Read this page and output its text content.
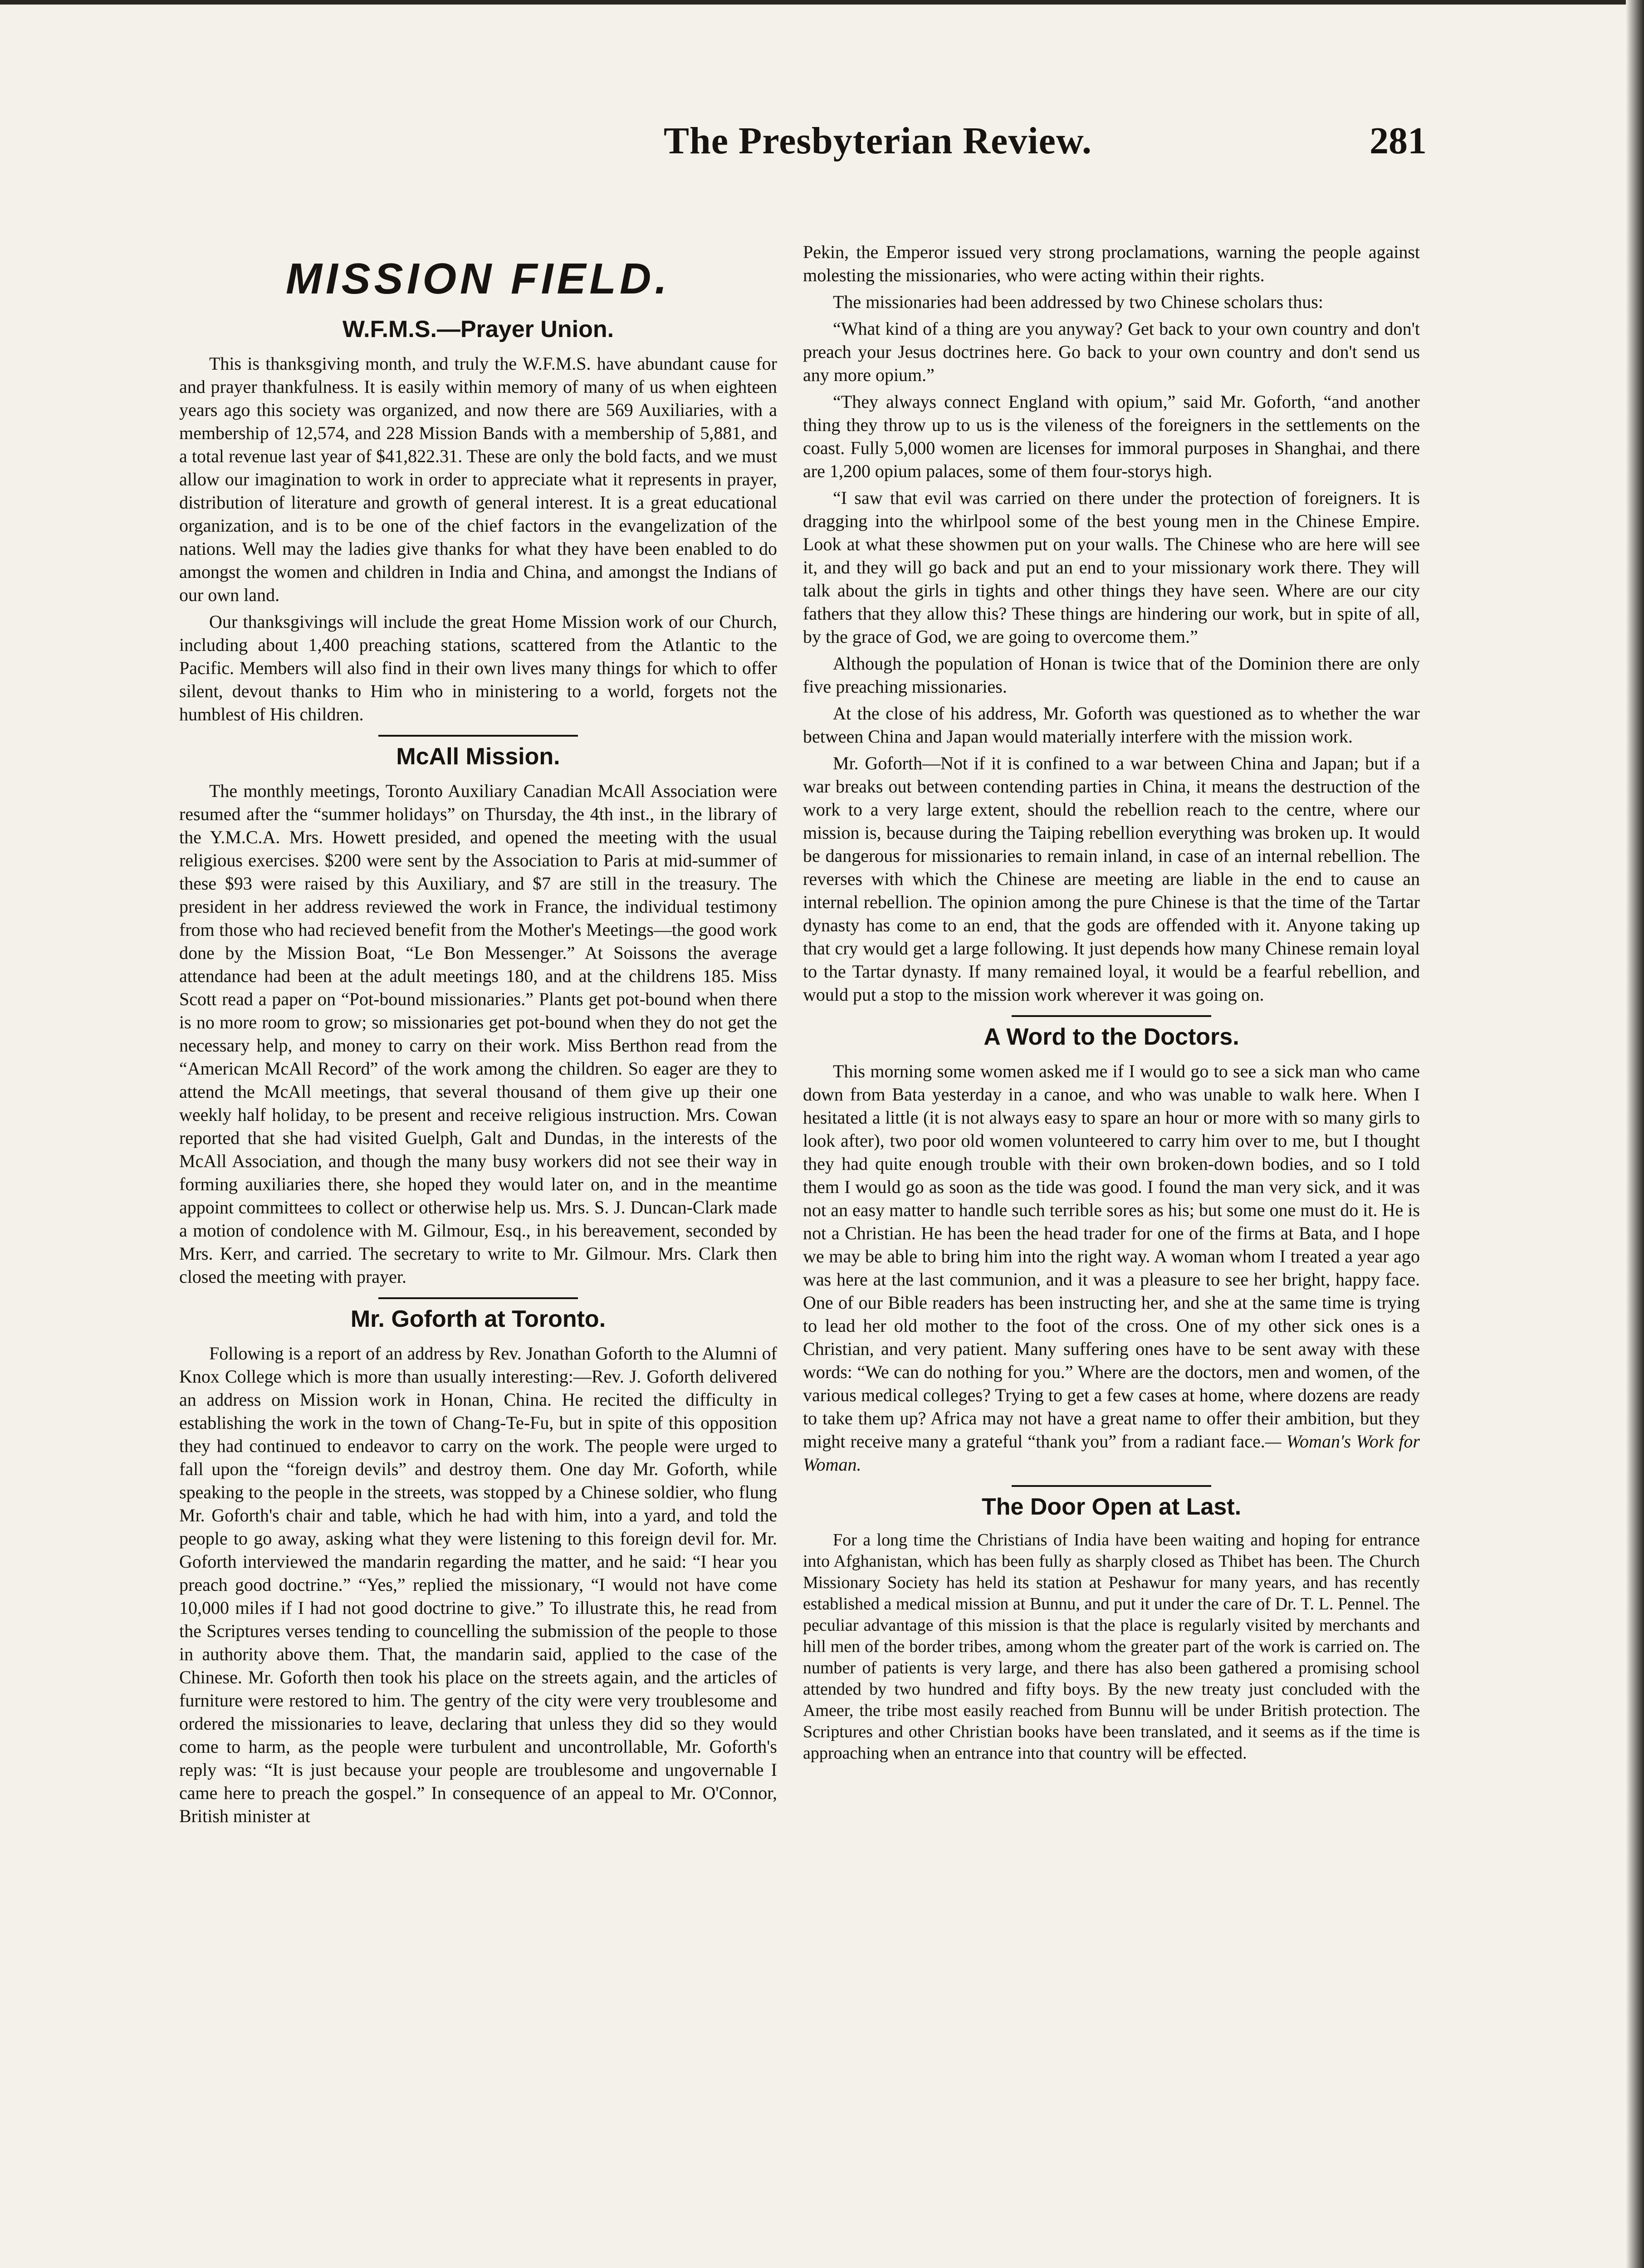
The Presbyterian Review.	281
MISSION FIELD.
W.F.M.S.—Prayer Union.

This is thanksgiving month, and truly the W.F.M.S. have abundant cause for and prayer thankfulness. It is easily within memory of many of us when eighteen years ago this society was organized, and now there are 569 Auxiliaries, with a membership of 12,574, and 228 Mission Bands with a membership of 5,881, and a total revenue last year of $41,822.31. These are only the bold facts, and we must allow our imagination to work in order to appreciate what it represents in prayer, distribution of literature and growth of general interest. It is a great educational organization, and is to be one of the chief factors in the evangelization of the nations. Well may the ladies give thanks for what they have been enabled to do amongst the women and children in India and China, and amongst the Indians of our own land.

Our thanksgivings will include the great Home Mission work of our Church, including about 1,400 preaching stations, scattered from the Atlantic to the Pacific. Members will also find in their own lives many things for which to offer silent, devout thanks to Him who in ministering to a world, forgets not the humblest of His children.

McAll Mission.

The monthly meetings, Toronto Auxiliary Canadian McAll Association were resumed after the “summer holidays” on Thursday, the 4th inst., in the library of the Y.M.C.A. Mrs. Howett presided, and opened the meeting with the usual religious exercises. $200 were sent by the Association to Paris at mid-summer of these $93 were raised by this Auxiliary, and $7 are still in the treasury. The president in her address reviewed the work in France, the individual testimony from those who had recieved benefit from the Mother's Meetings—the good work done by the Mission Boat, “Le Bon Messenger.” At Soissons the average attendance had been at the adult meetings 180, and at the childrens 185. Miss Scott read a paper on “Pot-bound missionaries.” Plants get pot-bound when there is no more room to grow; so missionaries get pot-bound when they do not get the necessary help, and money to carry on their work. Miss Berthon read from the “American McAll Record” of the work among the children. So eager are they to attend the McAll meetings, that several thousand of them give up their one weekly half holiday, to be present and receive religious instruction. Mrs. Cowan reported that she had visited Guelph, Galt and Dundas, in the interests of the McAll Association, and though the many busy workers did not see their way in forming auxiliaries there, she hoped they would later on, and in the meantime appoint committees to collect or otherwise help us. Mrs. S. J. Duncan-Clark made a motion of condolence with M. Gilmour, Esq., in his bereavement, seconded by Mrs. Kerr, and carried. The secretary to write to Mr. Gilmour. Mrs. Clark then closed the meeting with prayer.

Mr. Goforth at Toronto.

Following is a report of an address by Rev. Jonathan Goforth to the Alumni of Knox College which is more than usually interesting:—Rev. J. Goforth delivered an address on Mission work in Honan, China. He recited the difficulty in establishing the work in the town of Chang-Te-Fu, but in spite of this opposition they had continued to endeavor to carry on the work. The people were urged to fall upon the “foreign devils” and destroy them. One day Mr. Goforth, while speaking to the people in the streets, was stopped by a Chinese soldier, who flung Mr. Goforth's chair and table, which he had with him, into a yard, and told the people to go away, asking what they were listening to this foreign devil for. Mr. Goforth interviewed the mandarin regarding the matter, and he said: “I hear you preach good doctrine.” “Yes,” replied the missionary, “I would not have come 10,000 miles if I had not good doctrine to give.” To illustrate this, he read from the Scriptures verses tending to councelling the submission of the people to those in authority above them. That, the mandarin said, applied to the case of the Chinese. Mr. Goforth then took his place on the streets again, and the articles of furniture were restored to him. The gentry of the city were very troublesome and ordered the missionaries to leave, declaring that unless they did so they would come to harm, as the people were turbulent and uncontrollable, Mr. Goforth's reply was: “It is just because your people are troublesome and ungovernable I came here to preach the gospel.” In consequence of an appeal to Mr. O'Connor, British minister at

Pekin, the Emperor issued very strong proclamations, warning the people against molesting the missionaries, who were acting within their rights.

The missionaries had been addressed by two Chinese scholars thus:

“What kind of a thing are you anyway? Get back to your own country and don't preach your Jesus doctrines here. Go back to your own country and don't send us any more opium.”

“They always connect England with opium,” said Mr. Goforth, “and another thing they throw up to us is the vileness of the foreigners in the settlements on the coast. Fully 5,000 women are licenses for immoral purposes in Shanghai, and there are 1,200 opium palaces, some of them four-storys high.

“I saw that evil was carried on there under the protection of foreigners. It is dragging into the whirlpool some of the best young men in the Chinese Empire. Look at what these showmen put on your walls. The Chinese who are here will see it, and they will go back and put an end to your missionary work there. They will talk about the girls in tights and other things they have seen. Where are our city fathers that they allow this? These things are hindering our work, but in spite of all, by the grace of God, we are going to overcome them.”

Although the population of Honan is twice that of the Dominion there are only five preaching missionaries.

At the close of his address, Mr. Goforth was questioned as to whether the war between China and Japan would materially interfere with the mission work.

Mr. Goforth—Not if it is confined to a war between China and Japan; but if a war breaks out between contending parties in China, it means the destruction of the work to a very large extent, should the rebellion reach to the centre, where our mission is, because during the Taiping rebellion everything was broken up. It would be dangerous for missionaries to remain inland, in case of an internal rebellion. The reverses with which the Chinese are meeting are liable in the end to cause an internal rebellion. The opinion among the pure Chinese is that the time of the Tartar dynasty has come to an end, that the gods are offended with it. Anyone taking up that cry would get a large following. It just depends how many Chinese remain loyal to the Tartar dynasty. If many remained loyal, it would be a fearful rebellion, and would put a stop to the mission work wherever it was going on.

A Word to the Doctors.

This morning some women asked me if I would go to see a sick man who came down from Bata yesterday in a canoe, and who was unable to walk here. When I hesitated a little (it is not always easy to spare an hour or more with so many girls to look after), two poor old women volunteered to carry him over to me, but I thought they had quite enough trouble with their own broken-down bodies, and so I told them I would go as soon as the tide was good. I found the man very sick, and it was not an easy matter to handle such terrible sores as his; but some one must do it. He is not a Christian. He has been the head trader for one of the firms at Bata, and I hope we may be able to bring him into the right way. A woman whom I treated a year ago was here at the last communion, and it was a pleasure to see her bright, happy face. One of our Bible readers has been instructing her, and she at the same time is trying to lead her old mother to the foot of the cross. One of my other sick ones is a Christian, and very patient. Many suffering ones have to be sent away with these words: “We can do nothing for you.” Where are the doctors, men and women, of the various medical colleges? Trying to get a few cases at home, where dozens are ready to take them up? Africa may not have a great name to offer their ambition, but they might receive many a grateful “thank you” from a radiant face.— Woman's Work for Woman.

The Door Open at Last.

For a long time the Christians of India have been waiting and hoping for entrance into Afghanistan, which has been fully as sharply closed as Thibet has been. The Church Missionary Society has held its station at Peshawur for many years, and has recently established a medical mission at Bunnu, and put it under the care of Dr. T. L. Pennel. The peculiar advantage of this mission is that the place is regularly visited by merchants and hill men of the border tribes, among whom the greater part of the work is carried on. The number of patients is very large, and there has also been gathered a promising school attended by two hundred and fifty boys. By the new treaty just concluded with the Ameer, the tribe most easily reached from Bunnu will be under British protection. The Scriptures and other Christian books have been translated, and it seems as if the time is approaching when an entrance into that country will be effected.
